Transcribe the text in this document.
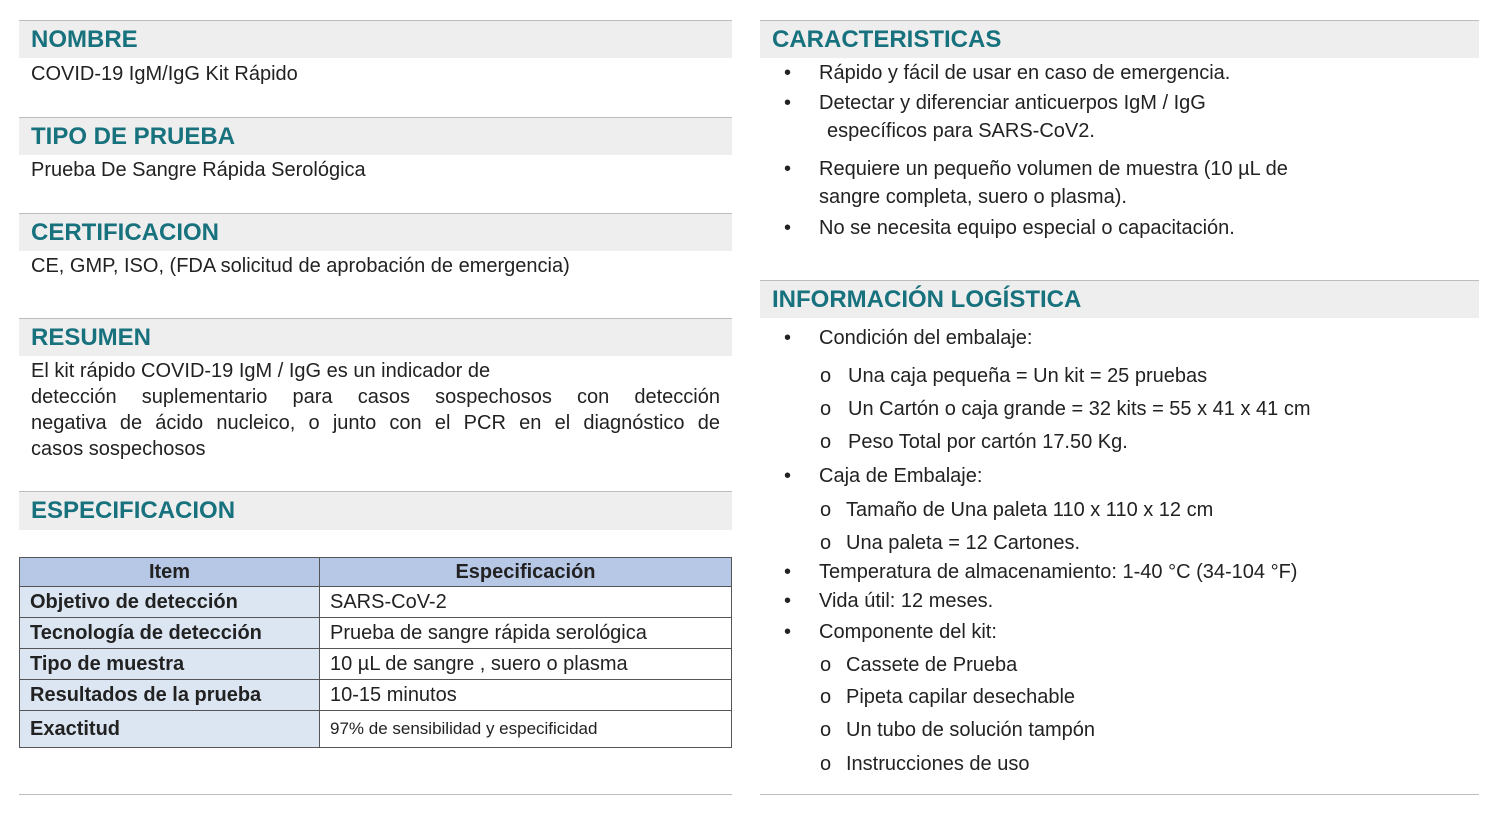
NOMBRE
COVID-19 IgM/IgG Kit Rápido
TIPO DE PRUEBA
Prueba De Sangre Rápida Serológica
CERTIFICACION
CE, GMP, ISO, (FDA solicitud de aprobación de emergencia)
RESUMEN
El kit rápido COVID-19 IgM / IgG es un indicador de
detección suplementario para casos sospechosos con detección
negativa de ácido nucleico, o junto con el PCR en el diagnóstico de
casos sospechosos
ESPECIFICACION
Item	Especificación
Objetivo de detección	SARS-CoV-2
Tecnología de detección	Prueba de sangre rápida serológica
Tipo de muestra	10 µL de sangre , suero o plasma
Resultados de la prueba	10-15 minutos
Exactitud	97% de sensibilidad y especificidad
CARACTERISTICAS
• Rápido y fácil de usar en caso de emergencia.
• Detectar y diferenciar anticuerpos IgM / IgG
específicos para SARS-CoV2.
• Requiere un pequeño volumen de muestra (10 µL de
sangre completa, suero o plasma).
• No se necesita equipo especial o capacitación.
INFORMACIÓN LOGÍSTICA
• Condición del embalaje:
o Una caja pequeña = Un kit = 25 pruebas
o Un Cartón o caja grande = 32 kits = 55 x 41 x 41 cm
o Peso Total por cartón 17.50 Kg.
• Caja de Embalaje:
o Tamaño de Una paleta 110 x 110 x 12 cm
o Una paleta = 12 Cartones.
• Temperatura de almacenamiento: 1-40 °C (34-104 °F)
• Vida útil: 12 meses.
• Componente del kit:
o Cassete de Prueba
o Pipeta capilar desechable
o Un tubo de solución tampón
o Instrucciones de uso
